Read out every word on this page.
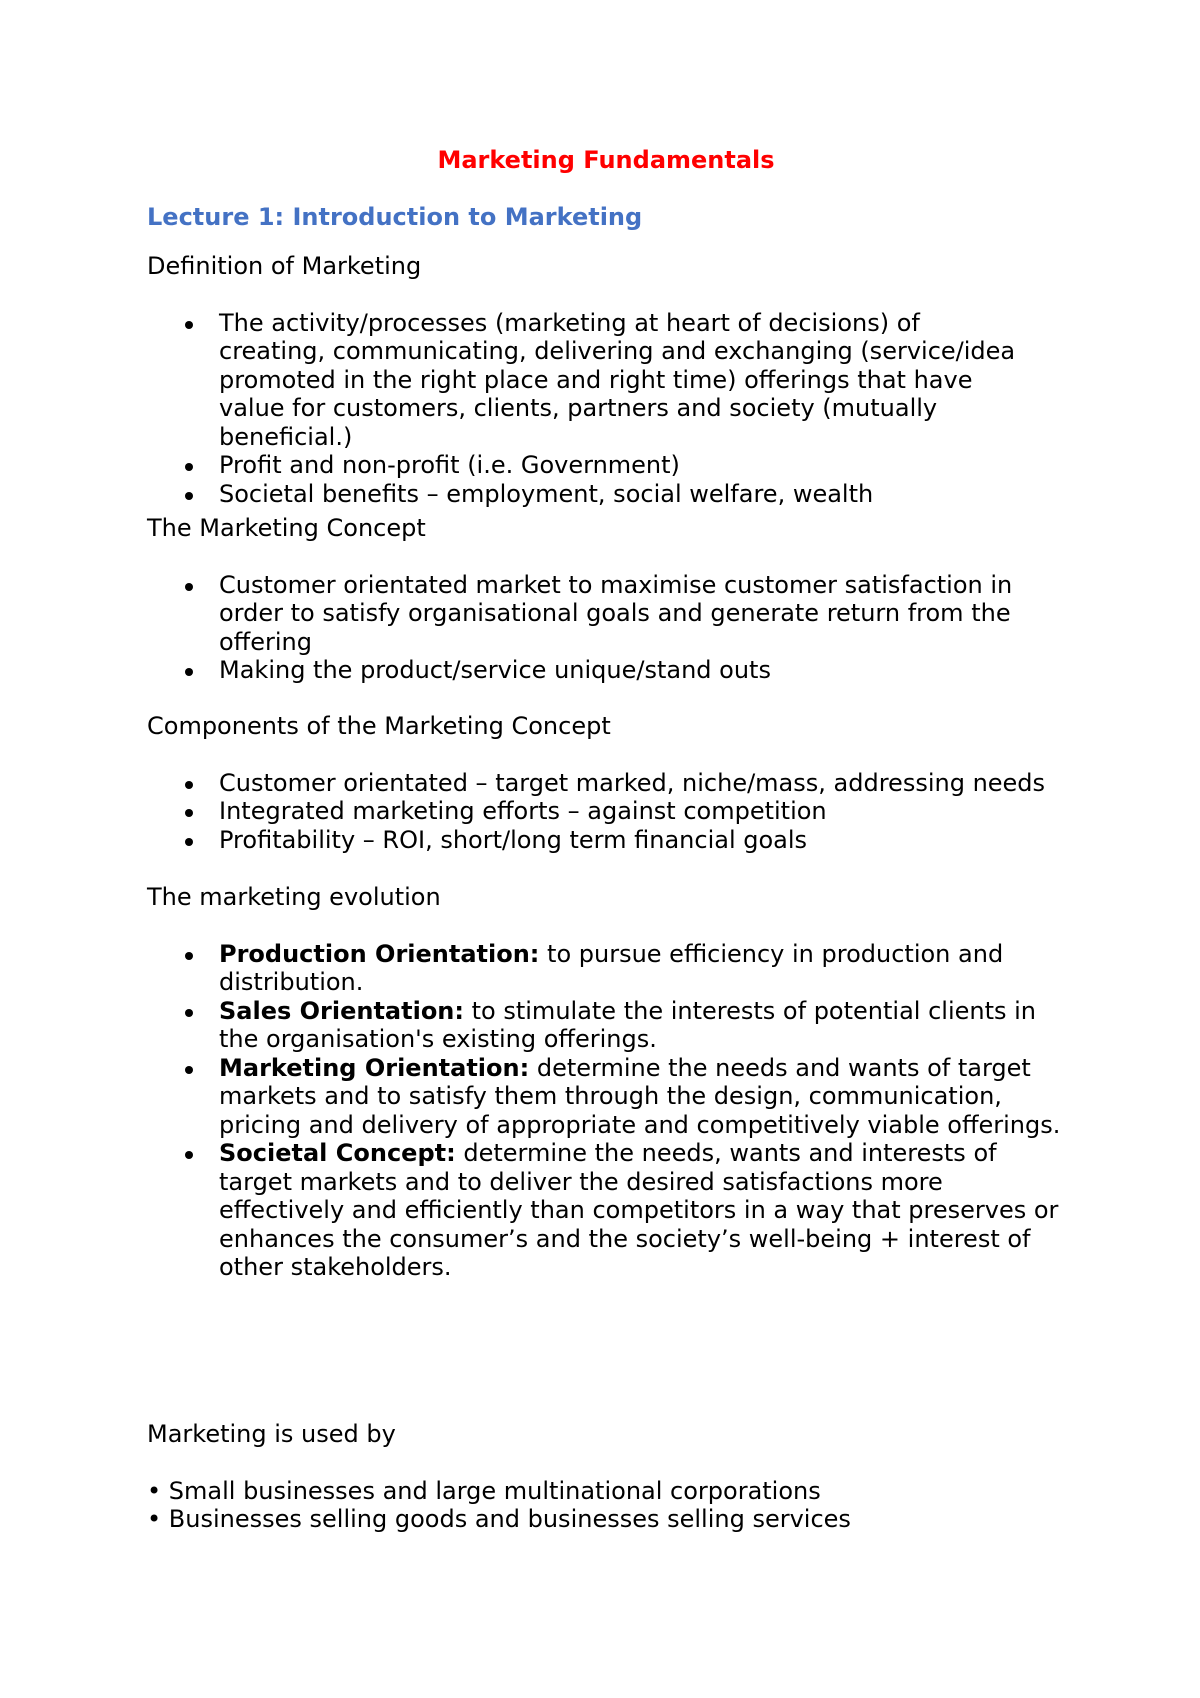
Marketing Fundamentals
Lecture 1: Introduction to Marketing

Definition of Marketing

The activity/processes (marketing at heart of decisions) of creating, communicating, delivering and exchanging (service/idea promoted in the right place and right time) offerings that have value for customers, clients, partners and society (mutually beneficial.)
Profit and non-profit (i.e. Government)
Societal benefits – employment, social welfare, wealth

The Marketing Concept

Customer orientated market to maximise customer satisfaction in order to satisfy organisational goals and generate return from the offering
Making the product/service unique/stand outs

Components of the Marketing Concept

Customer orientated – target marked, niche/mass, addressing needs
Integrated marketing efforts – against competition
Profitability – ROI, short/long term financial goals

The marketing evolution

Production Orientation: to pursue efficiency in production and distribution.
Sales Orientation: to stimulate the interests of potential clients in the organisation's existing offerings.
Marketing Orientation: determine the needs and wants of target markets and to satisfy them through the design, communication, pricing and delivery of appropriate and competitively viable offerings.
Societal Concept: determine the needs, wants and interests of target markets and to deliver the desired satisfactions more effectively and efficiently than competitors in a way that preserves or enhances the consumer’s and the society’s well-being + interest of other stakeholders.

Marketing is used by

• Small businesses and large multinational corporations
• Businesses selling goods and businesses selling services
